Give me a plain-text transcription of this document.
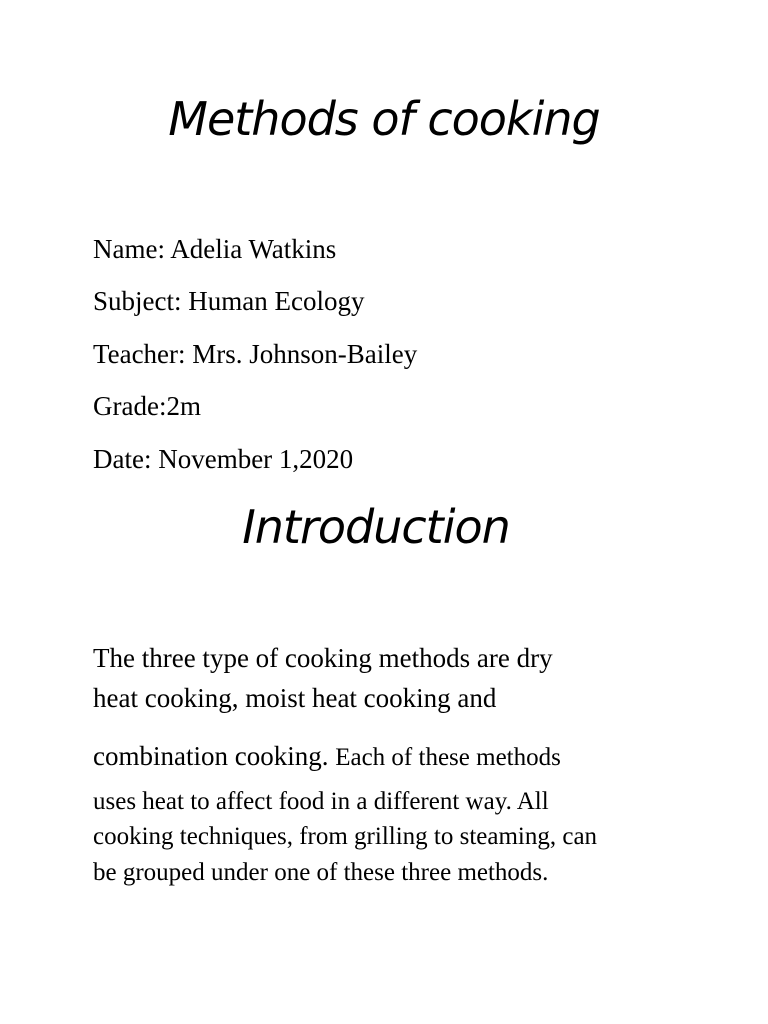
Methods of cooking

Name: Adelia Watkins

Subject: Human Ecology

Teacher: Mrs. Johnson-Bailey

Grade:2m

Date: November 1,2020

Introduction

The three type of cooking methods are dry

heat cooking, moist heat cooking and

combination cooking. Each of these methods

uses heat to affect food in a different way. All

cooking techniques, from grilling to steaming, can

be grouped under one of these three methods.
